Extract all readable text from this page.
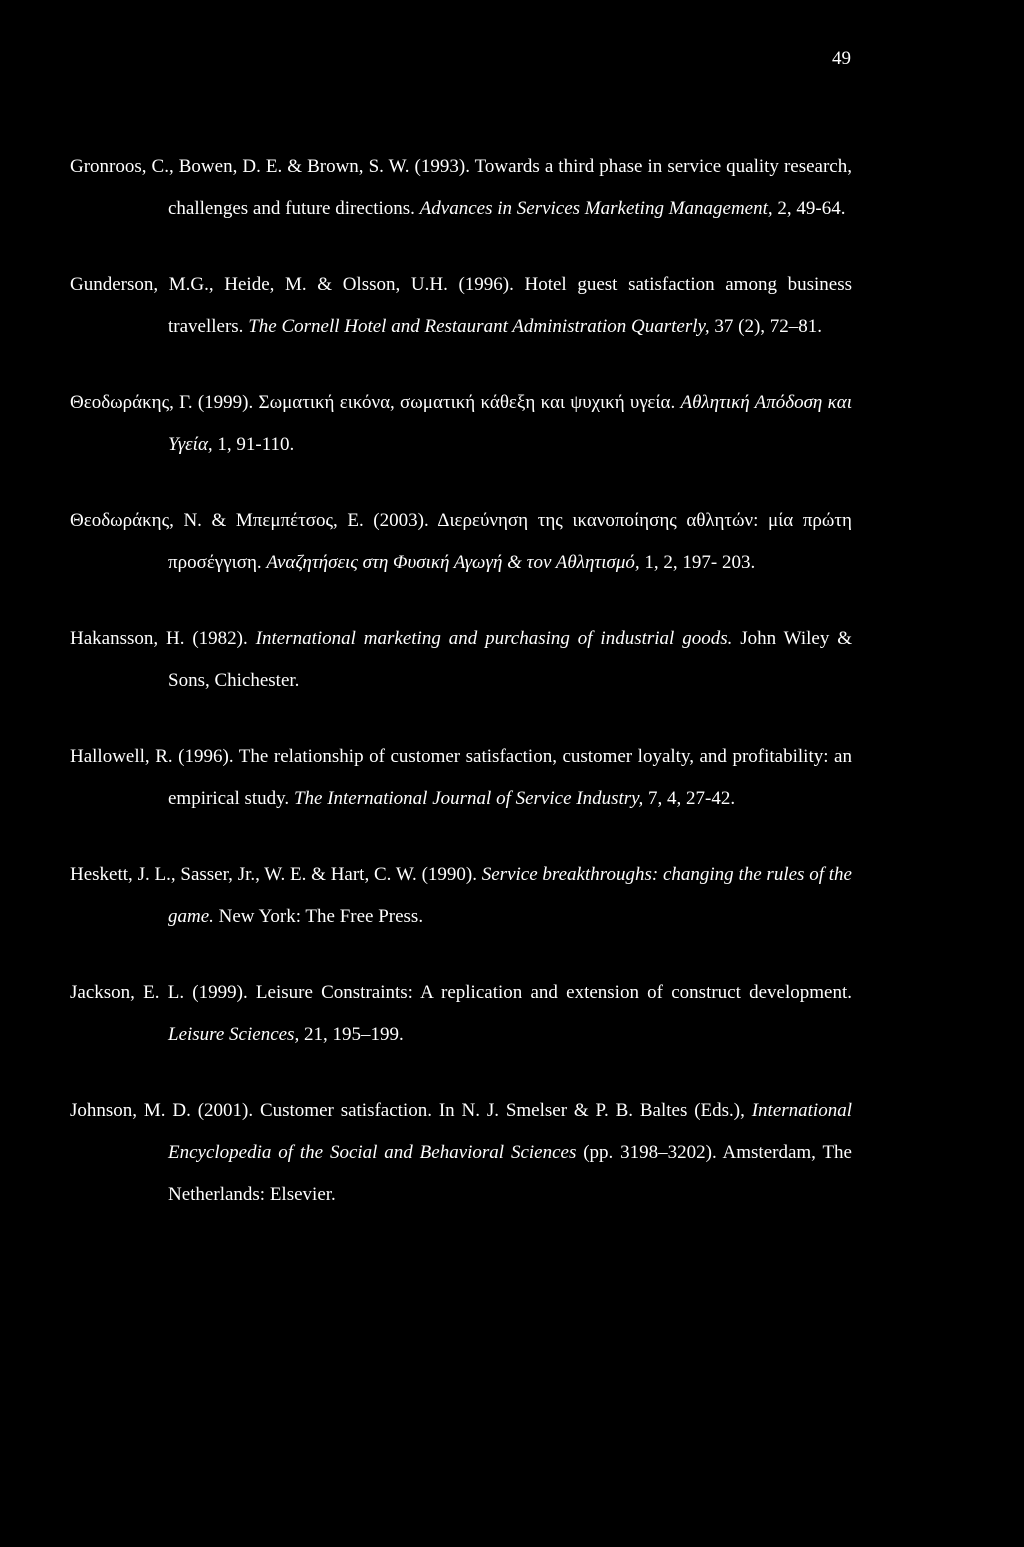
49
Gronroos, C., Bowen, D. E. & Brown, S. W. (1993). Towards a third phase in service quality research, challenges and future directions. Advances in Services Marketing Management, 2, 49-64.
Gunderson, M.G., Heide, M. & Olsson, U.H. (1996). Hotel guest satisfaction among business travellers. The Cornell Hotel and Restaurant Administration Quarterly, 37 (2), 72–81.
Θεοδωράκης, Γ. (1999). Σωματική εικόνα, σωματική κάθεξη και ψυχική υγεία. Αθλητική Απόδοση και Υγεία, 1, 91-110.
Θεοδωράκης, Ν. & Μπεμπέτσος, Ε. (2003). Διερεύνηση της ικανοποίησης αθλητών: μία πρώτη προσέγγιση. Αναζητήσεις στη Φυσική Αγωγή & τον Αθλητισμό, 1, 2, 197- 203.
Hakansson, H. (1982). International marketing and purchasing of industrial goods. John Wiley & Sons, Chichester.
Hallowell, R. (1996). The relationship of customer satisfaction, customer loyalty, and profitability: an empirical study. The International Journal of Service Industry, 7, 4, 27-42.
Heskett, J. L., Sasser, Jr., W. E. & Hart, C. W. (1990). Service breakthroughs: changing the rules of the game. New York: The Free Press.
Jackson, E. L. (1999). Leisure Constraints: A replication and extension of construct development. Leisure Sciences, 21, 195–199.
Johnson, M. D. (2001). Customer satisfaction. In N. J. Smelser & P. B. Baltes (Eds.), International Encyclopedia of the Social and Behavioral Sciences (pp. 3198–3202). Amsterdam, The Netherlands: Elsevier.
